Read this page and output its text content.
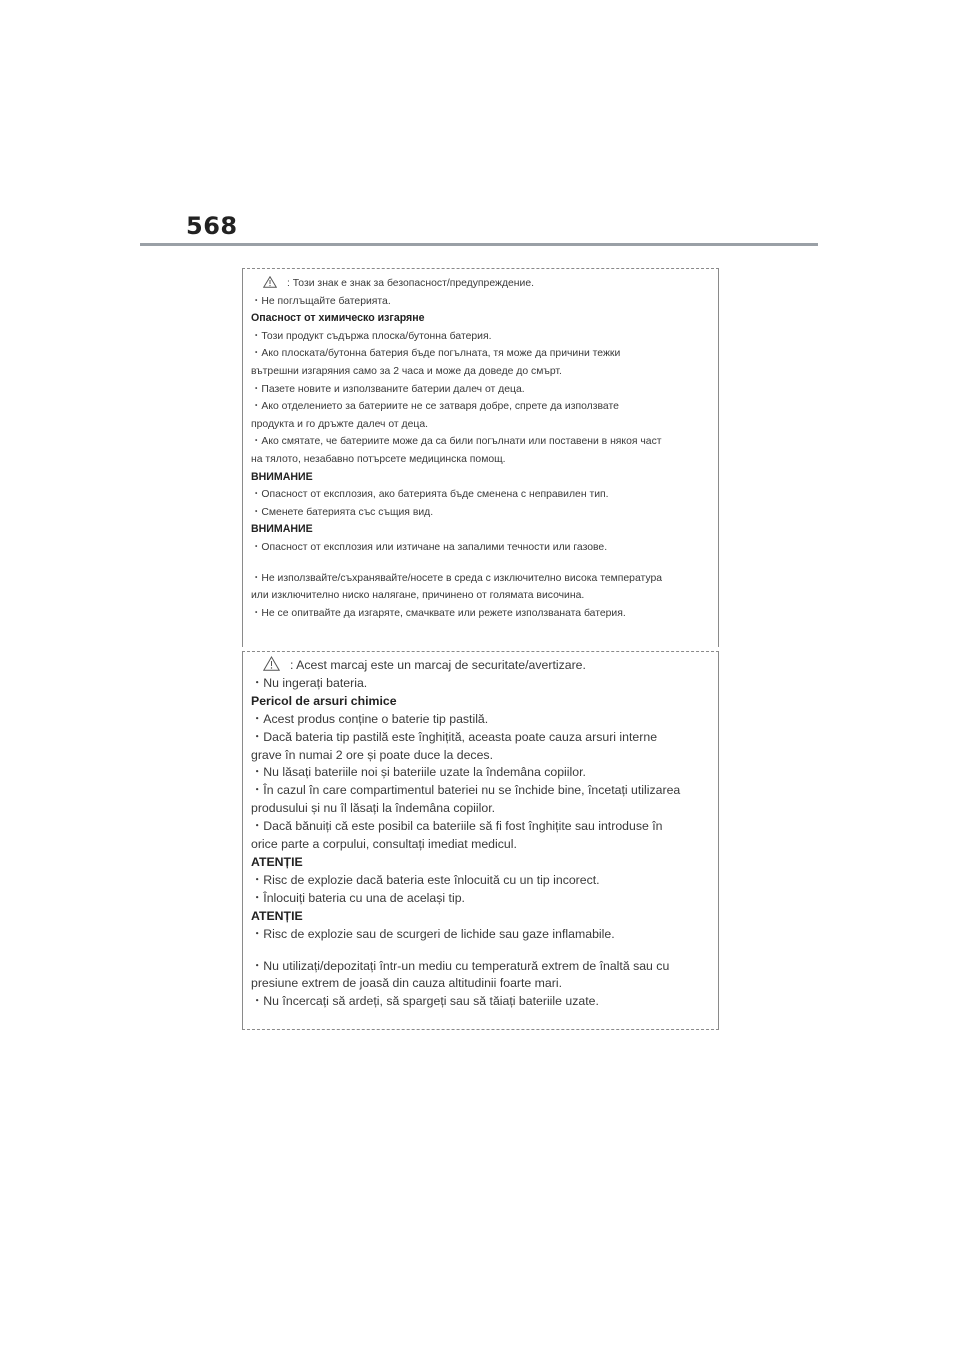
568
: Този знак е знак за безопасност/предупреждение.
・Не поглъщайте батерията.
Опасност от химическо изгаряне
・Този продукт съдържа плоска/бутонна батерия.
・Ако плоската/бутонна батерия бъде погълната, тя може да причини тежки
вътрешни изгаряния само за 2 часа и може да доведе до смърт.
・Пазете новите и използваните батерии далеч от деца.
・Ако отделението за батериите не се затваря добре, спрете да използвате
продукта и го дръжте далеч от деца.
・Ако смятате, че батериите може да са били погълнати или поставени в някоя част
на тялото, незабавно потърсете медицинска помощ.
ВНИМАНИЕ
・Опасност от експлозия, ако батерията бъде сменена с неправилен тип.
・Сменете батерията със същия вид.
ВНИМАНИЕ
・Опасност от експлозия или изтичане на запалими течности или газове.
・Не използвайте/съхранявайте/носете в среда с изключително висока температура
или изключително ниско налягане, причинено от голямата височина.
・Не се опитвайте да изгаряте, смачквате или режете използваната батерия.
: Acest marcaj este un marcaj de securitate/avertizare.
・Nu ingerați bateria.
Pericol de arsuri chimice
・Acest produs conține o baterie tip pastilă.
・Dacă bateria tip pastilă este înghițită, aceasta poate cauza arsuri interne
grave în numai 2 ore și poate duce la deces.
・Nu lăsați bateriile noi și bateriile uzate la îndemâna copiilor.
・În cazul în care compartimentul bateriei nu se închide bine, încetați utilizarea
produsului și nu îl lăsați la îndemâna copiilor.
・Dacă bănuiți că este posibil ca bateriile să fi fost înghițite sau introduse în
orice parte a corpului, consultați imediat medicul.
ATENȚIE
・Risc de explozie dacă bateria este înlocuită cu un tip incorect.
・Înlocuiți bateria cu una de același tip.
ATENȚIE
・Risc de explozie sau de scurgeri de lichide sau gaze inflamabile.
・Nu utilizați/depozitați într-un mediu cu temperatură extrem de înaltă sau cu
presiune extrem de joasă din cauza altitudinii foarte mari.
・Nu încercați să ardeți, să spargeți sau să tăiați bateriile uzate.
